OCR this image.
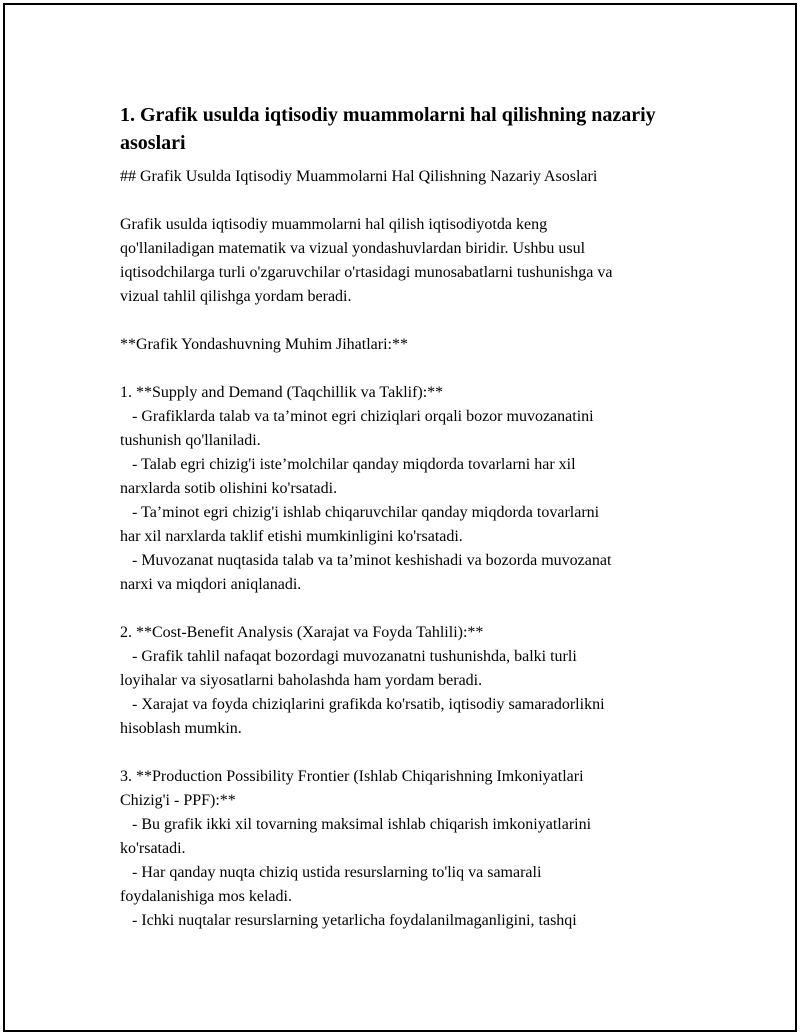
1. Grafik usulda iqtisodiy muammolarni hal qilishning nazariy
asoslari
## Grafik Usulda Iqtisodiy Muammolarni Hal Qilishning Nazariy Asoslari
Grafik usulda iqtisodiy muammolarni hal qilish iqtisodiyotda keng
qo'llaniladigan matematik va vizual yondashuvlardan biridir. Ushbu usul
iqtisodchilarga turli o'zgaruvchilar o'rtasidagi munosabatlarni tushunishga va
vizual tahlil qilishga yordam beradi.
**Grafik Yondashuvning Muhim Jihatlari:**
1. **Supply and Demand (Taqchillik va Taklif):**
- Grafiklarda talab va taʼminot egri chiziqlari orqali bozor muvozanatini
tushunish qo'llaniladi.
- Talab egri chizig'i isteʼmolchilar qanday miqdorda tovarlarni har xil
narxlarda sotib olishini ko'rsatadi.
- Taʼminot egri chizig'i ishlab chiqaruvchilar qanday miqdorda tovarlarni
har xil narxlarda taklif etishi mumkinligini ko'rsatadi.
- Muvozanat nuqtasida talab va taʼminot keshishadi va bozorda muvozanat
narxi va miqdori aniqlanadi.
2. **Cost-Benefit Analysis (Xarajat va Foyda Tahlili):**
- Grafik tahlil nafaqat bozordagi muvozanatni tushunishda, balki turli
loyihalar va siyosatlarni baholashda ham yordam beradi.
- Xarajat va foyda chiziqlarini grafikda ko'rsatib, iqtisodiy samaradorlikni
hisoblash mumkin.
3. **Production Possibility Frontier (Ishlab Chiqarishning Imkoniyatlari
Chizig'i - PPF):**
- Bu grafik ikki xil tovarning maksimal ishlab chiqarish imkoniyatlarini
ko'rsatadi.
- Har qanday nuqta chiziq ustida resurslarning to'liq va samarali
foydalanishiga mos keladi.
- Ichki nuqtalar resurslarning yetarlicha foydalanilmaganligini, tashqi
